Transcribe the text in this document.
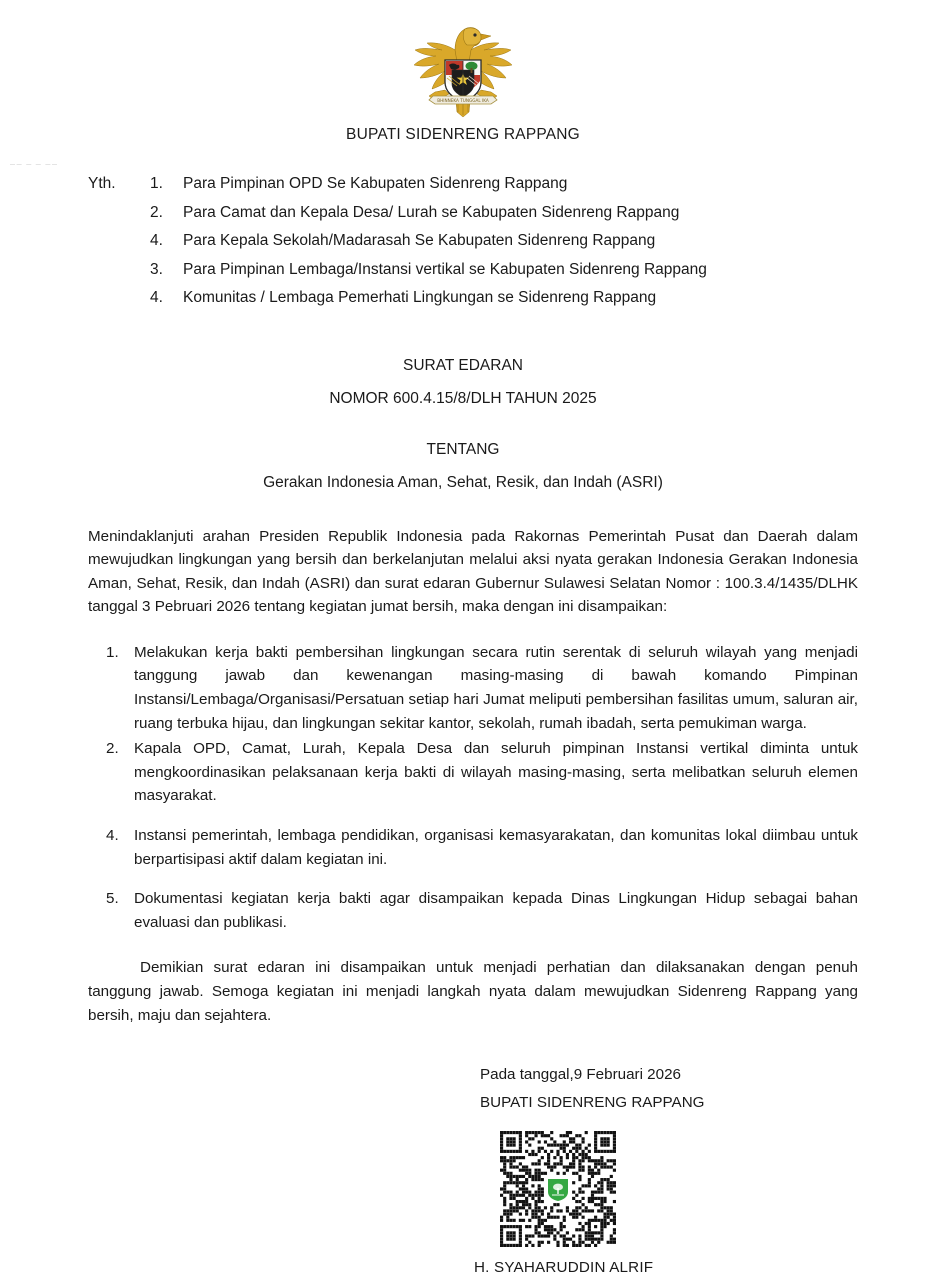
BHINNEKA TUNGGAL IKA
BUPATI SIDENRENG RAPPANG
—— — — ——
Yth.	1.	Para Pimpinan OPD Se Kabupaten Sidenreng Rappang
2.	Para Camat dan Kepala Desa/ Lurah se Kabupaten Sidenreng Rappang
4.	Para Kepala Sekolah/Madarasah Se Kabupaten Sidenreng Rappang
3.	Para Pimpinan Lembaga/Instansi vertikal se Kabupaten Sidenreng Rappang
4.	Komunitas / Lembaga Pemerhati Lingkungan se Sidenreng Rappang
SURAT EDARAN
NOMOR 600.4.15/8/DLH TAHUN 2025
TENTANG
Gerakan Indonesia Aman, Sehat, Resik, dan Indah (ASRI)
Menindaklanjuti arahan Presiden Republik Indonesia pada Rakornas Pemerintah Pusat dan Daerah dalam mewujudkan lingkungan yang bersih dan berkelanjutan melalui aksi nyata gerakan Indonesia Gerakan Indonesia Aman, Sehat, Resik, dan Indah (ASRI) dan surat edaran Gubernur Sulawesi Selatan Nomor : 100.3.4/1435/DLHK tanggal 3 Pebruari 2026 tentang kegiatan jumat bersih, maka dengan ini disampaikan:
1.	Melakukan kerja bakti pembersihan lingkungan secara rutin serentak di seluruh wilayah yang menjadi tanggung jawab dan kewenangan masing-masing di bawah komando Pimpinan Instansi/Lembaga/Organisasi/Persatuan setiap hari Jumat meliputi pembersihan fasilitas umum, saluran air, ruang terbuka hijau, dan lingkungan sekitar kantor, sekolah, rumah ibadah, serta pemukiman warga.
2.	Kapala OPD, Camat, Lurah, Kepala Desa dan seluruh pimpinan Instansi vertikal diminta untuk mengkoordinasikan pelaksanaan kerja bakti di wilayah masing-masing, serta melibatkan seluruh elemen masyarakat.
4.	Instansi pemerintah, lembaga pendidikan, organisasi kemasyarakatan, dan komunitas lokal diimbau untuk berpartisipasi aktif dalam kegiatan ini.
5.	Dokumentasi kegiatan kerja bakti agar disampaikan kepada Dinas Lingkungan Hidup sebagai bahan evaluasi dan publikasi.
Demikian surat edaran ini disampaikan untuk menjadi perhatian dan dilaksanakan dengan penuh tanggung jawab. Semoga kegiatan ini menjadi langkah nyata dalam mewujudkan Sidenreng Rappang yang bersih, maju dan sejahtera.
Pada tanggal,9 Februari 2026
BUPATI SIDENRENG RAPPANG
H. SYAHARUDDIN ALRIF
